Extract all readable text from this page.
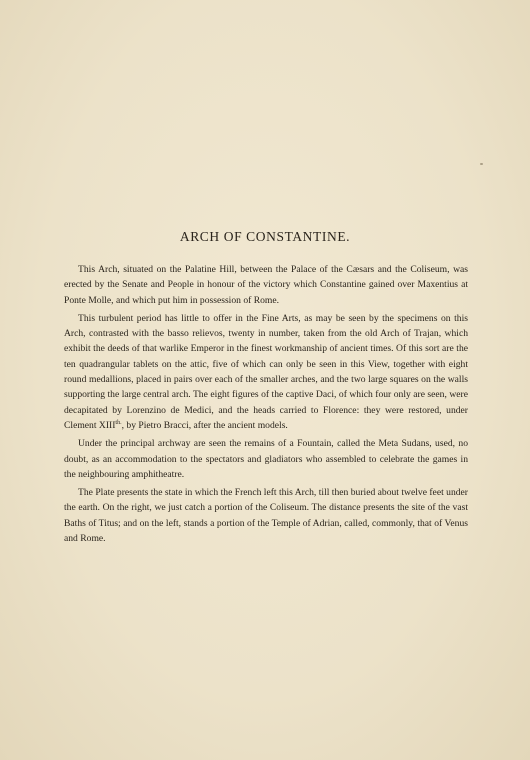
ARCH OF CONSTANTINE.

This Arch, situated on the Palatine Hill, between the Palace of the Cæsars and the Coliseum, was erected by the Senate and People in honour of the victory which Constantine gained over Maxentius at Ponte Molle, and which put him in possession of Rome.

This turbulent period has little to offer in the Fine Arts, as may be seen by the specimens on this Arch, contrasted with the basso relievos, twenty in number, taken from the old Arch of Trajan, which exhibit the deeds of that warlike Emperor in the finest workmanship of ancient times. Of this sort are the ten quadrangular tablets on the attic, five of which can only be seen in this View, together with eight round medallions, placed in pairs over each of the smaller arches, and the two large squares on the walls supporting the large central arch. The eight figures of the captive Daci, of which four only are seen, were decapitated by Lorenzino de Medici, and the heads carried to Florence: they were restored, under Clement $XIII^{th.}$, by Pietro Bracci, after the ancient models.

Under the principal archway are seen the remains of a Fountain, called the Meta Sudans, used, no doubt, as an accommodation to the spectators and gladiators who assembled to celebrate the games in the neighbouring amphitheatre.

The Plate presents the state in which the French left this Arch, till then buried about twelve feet under the earth. On the right, we just catch a portion of the Coliseum. The distance presents the site of the vast Baths of Titus; and on the left, stands a portion of the Temple of Adrian, called, commonly, that of Venus and Rome.
